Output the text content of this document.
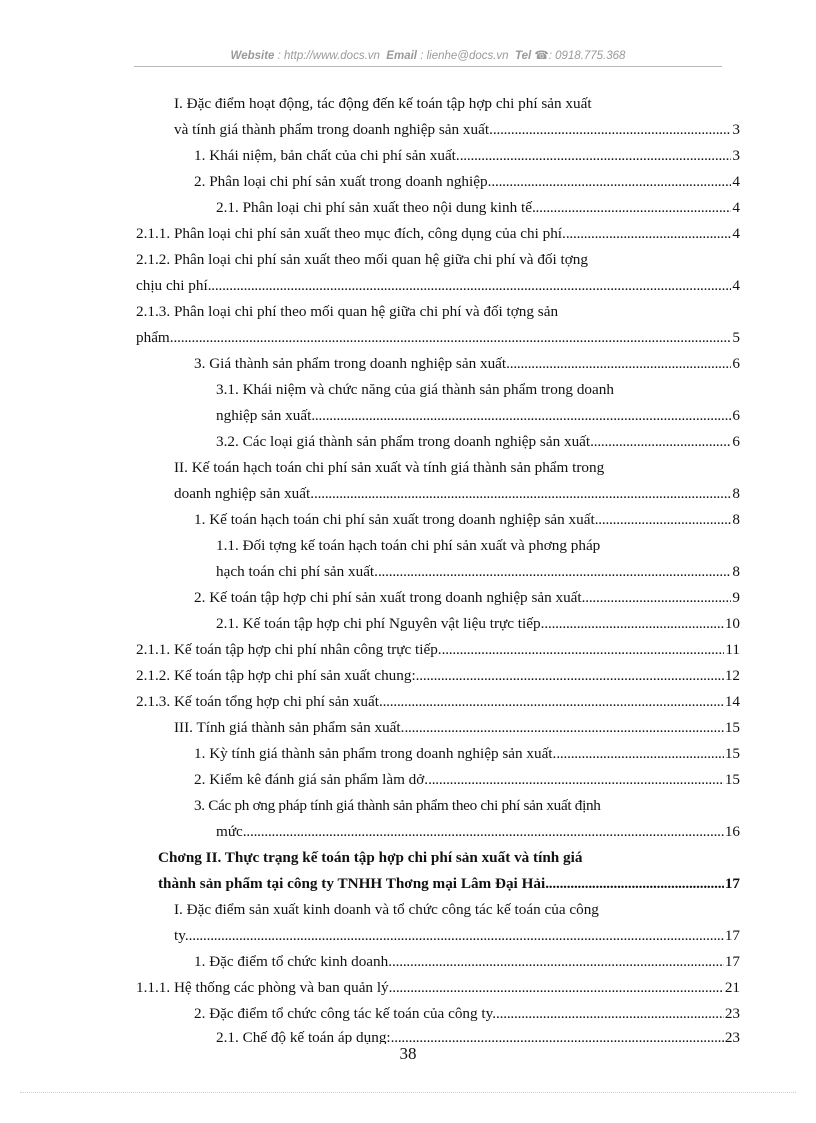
Website : http://www.docs.vn Email : lienhe@docs.vn Tel ☎: 0918.775.368
I. Đặc điểm hoạt động, tác động đến kế toán tập hợp chi phí sản xuất
và tính giá thành phẩm trong doanh nghiệp sản xuất. . . .	3
1. Khái niệm, bản chất của chi phí sản xuất. . . .	3
2. Phân loại chi phí sản xuất trong doanh nghiệp. . . .	4
2.1. Phân loại chi phí sản xuất theo nội dung kinh tế . . .	4
2.1.1. Phân loại chi phí sản xuất theo mục đích, công dụng của chi phí. . . .	4
2.1.2. Phân loại chi phí sản xuất theo mối quan hệ giữa chi phí và đối tợng
chịu chi phí . . .	4
2.1.3. Phân loại chi phí theo mối quan hệ giữa chi phí và đối tợng sản
phẩm. . . .	5
3. Giá thành sản phẩm trong doanh nghiệp sản xuất . . .	6
3.1. Khái niệm và chức năng của giá thành sản phẩm trong doanh
nghiệp sản xuất . . .	6
3.2. Các loại giá thành sản phẩm trong doanh nghiệp sản xuất . . .	6
II. Kế toán hạch toán chi phí sản xuất và tính giá thành sản phẩm trong
doanh nghiệp sản xuất. . . .	8
1. Kế toán hạch toán chi phí sản xuất trong doanh nghiệp sản xuất . . .	8
1.1. Đối tợng kế toán hạch toán chi phí sản xuất và phơng pháp
hạch toán chi phí sản xuất. . . .	8
2. Kế toán tập hợp chi phí sản xuất trong doanh nghiệp sản xuất . . .	9
2.1. Kế toán tập hợp chi phí Nguyên vật liệu trực tiếp. . . .	10
2.1.1. Kế toán tập hợp chi phí nhân công trực tiếp. . . .	11
2.1.2. Kế toán tập hợp chi phí sản xuất chung: . . .	12
2.1.3. Kế toán tổng hợp chi phí sản xuất . . .	14
III. Tính giá thành sản phẩm sản xuất. . . .	15
1. Kỳ tính giá thành sản phẩm trong doanh nghiệp sản xuất. . . .	15
2. Kiểm kê đánh giá sản phẩm làm dở. . . .	15
3. Các ph ơng pháp tính giá thành sản phẩm theo chi phí sản xuất định
mức . . .	16
Chơng II. Thực trạng kế toán tập hợp chi phí sản xuất và tính giá
thành sản phẩm tại công ty TNHH Thơng mại Lâm Đại Hải . . .	17
I. Đặc điểm sản xuất kinh doanh và tổ chức công tác kế toán của công
ty. . . .	17
1. Đặc điểm tổ chức kinh doanh. . . .	17
1.1.1. Hệ thống các phòng và ban quản lý . . .	21
2. Đặc điểm tổ chức công tác kế toán của công ty. . . .	23
2.1. Chế độ kế toán áp dụng: . . .	23
38
